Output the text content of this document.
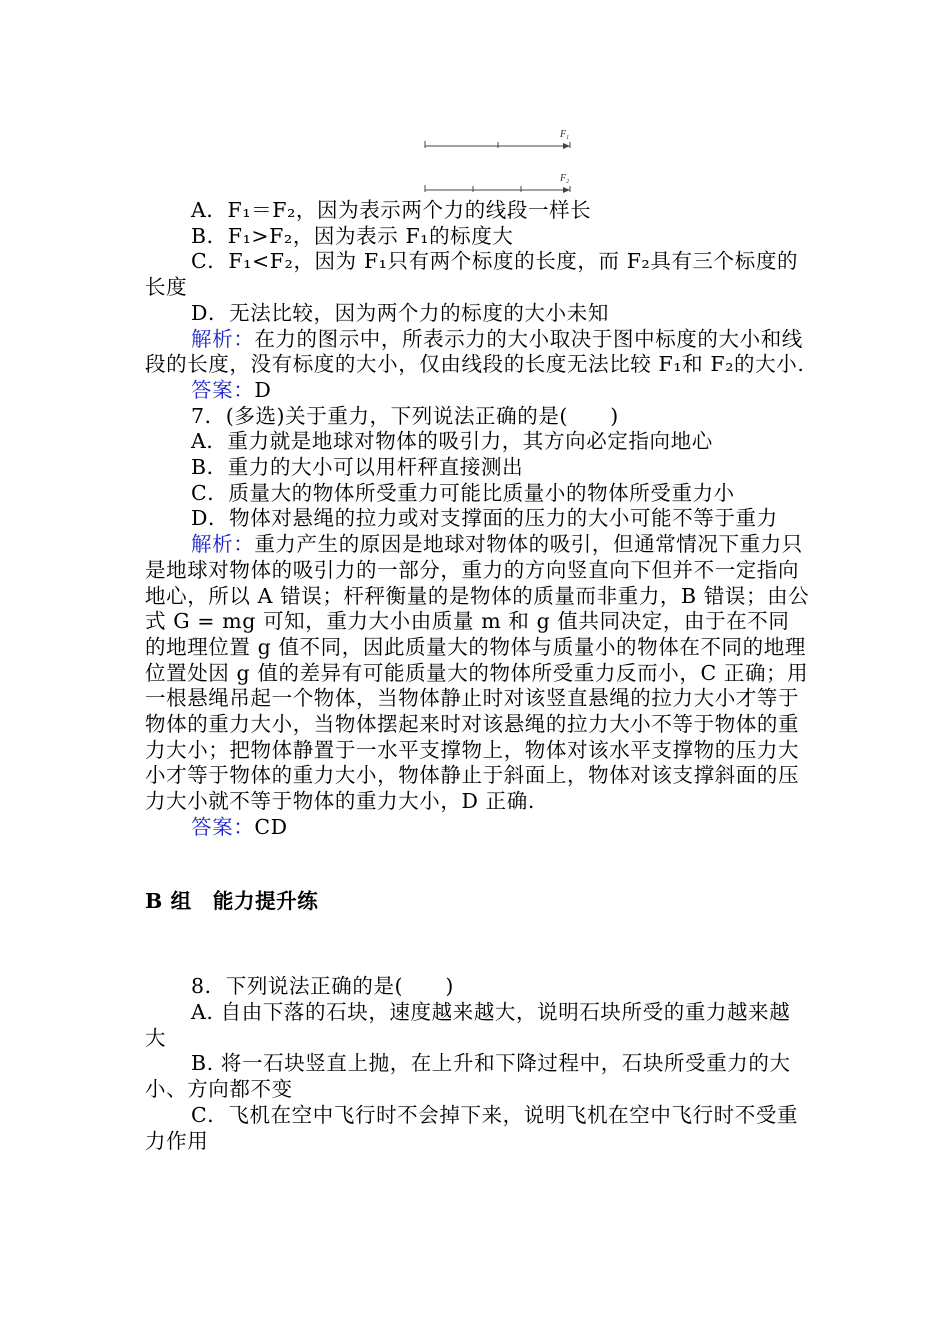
$F_1$
$F_2$

A．F₁＝F₂，因为表示两个力的线段一样长

B．F₁>F₂，因为表示 F₁的标度大

C．F₁<F₂，因为 F₁只有两个标度的长度，而 F₂具有三个标度的长度

D．无法比较，因为两个力的标度的大小未知

解析：在力的图示中，所表示力的大小取决于图中标度的大小和线段的长度，没有标度的大小，仅由线段的长度无法比较 F₁和 F₂的大小.

答案：D

7．(多选)关于重力，下列说法正确的是(　　)

A．重力就是地球对物体的吸引力，其方向必定指向地心

B．重力的大小可以用杆秤直接测出

C．质量大的物体所受重力可能比质量小的物体所受重力小

D．物体对悬绳的拉力或对支撑面的压力的大小可能不等于重力

解析：重力产生的原因是地球对物体的吸引，但通常情况下重力只是地球对物体的吸引力的一部分，重力的方向竖直向下但并不一定指向地心，所以 A 错误；杆秤衡量的是物体的质量而非重力，B 错误；由公式 G = mg 可知，重力大小由质量 m 和 g 值共同决定，由于在不同的地理位置 g 值不同，因此质量大的物体与质量小的物体在不同的地理位置处因 g 值的差异有可能质量大的物体所受重力反而小，C 正确；用一根悬绳吊起一个物体，当物体静止时对该竖直悬绳的拉力大小才等于物体的重力大小，当物体摆起来时对该悬绳的拉力大小不等于物体的重力大小；把物体静置于一水平支撑物上，物体对该水平支撑物的压力大小才等于物体的重力大小，物体静止于斜面上，物体对该支撑斜面的压力大小就不等于物体的重力大小，D 正确.

答案：CD

B 组　能力提升练

8．下列说法正确的是(　　)

A. 自由下落的石块，速度越来越大，说明石块所受的重力越来越大

B. 将一石块竖直上抛，在上升和下降过程中，石块所受重力的大小、方向都不变

C．飞机在空中飞行时不会掉下来，说明飞机在空中飞行时不受重力作用
